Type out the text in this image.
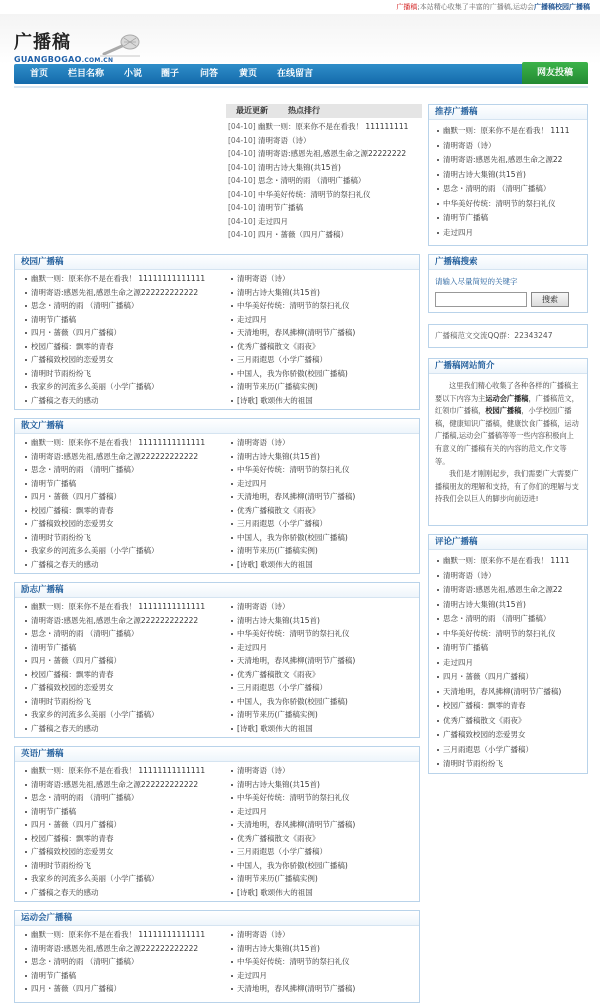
广播稿;本站精心收集了丰富的广播稿,运动会广播稿校园广播稿
广播稿
GUANGBOGAO.COM.CN
首页 栏目名称 小说 圈子 问答 黄页 在线留言	网友投稿
最近更新	热点排行
[04-10] 幽默一则：原来你不是在看我！ 111111111
[04-10] 清明寄语（诗）
[04-10] 清明寄语:感恩先祖,感恩生命之源22222222
[04-10] 清明古诗大集锦(共15首)
[04-10] 思念・清明的雨 （清明广播稿）
[04-10] 中华美好传统：清明节的祭扫礼仪
[04-10] 清明节广播稿
[04-10] 走过四月
[04-10] 四月・蔷薇（四月广播稿）
校园广播稿
幽默一则：原来你不是在看我！ 11111111111111	清明寄语（诗）
清明寄语:感恩先祖,感恩生命之源222222222222	清明古诗大集锦(共15首)
思念・清明的雨 （清明广播稿）	中华美好传统：清明节的祭扫礼仪
清明节广播稿	走过四月
四月・蔷薇（四月广播稿）	天清地明，春风拂柳(清明节广播稿)
校园广播稿：飘零的青春	优秀广播稿散文《雨夜》
广播稿致校园的恋爱男女	三月雨遐思（小学广播稿）
清明时节雨纷纷飞	中国人，我为你骄傲(校园广播稿)
我家乡的河流多么美丽（小学广播稿）	清明节来历(广播稿实例)
广播稿之春天的感动	[诗歌] 歌颂伟大的祖国
散文广播稿
幽默一则：原来你不是在看我！ 11111111111111	清明寄语（诗）
清明寄语:感恩先祖,感恩生命之源222222222222	清明古诗大集锦(共15首)
思念・清明的雨 （清明广播稿）	中华美好传统：清明节的祭扫礼仪
清明节广播稿	走过四月
四月・蔷薇（四月广播稿）	天清地明，春风拂柳(清明节广播稿)
校园广播稿：飘零的青春	优秀广播稿散文《雨夜》
广播稿致校园的恋爱男女	三月雨遐思（小学广播稿）
清明时节雨纷纷飞	中国人，我为你骄傲(校园广播稿)
我家乡的河流多么美丽（小学广播稿）	清明节来历(广播稿实例)
广播稿之春天的感动	[诗歌] 歌颂伟大的祖国
励志广播稿
幽默一则：原来你不是在看我！ 11111111111111	清明寄语（诗）
清明寄语:感恩先祖,感恩生命之源222222222222	清明古诗大集锦(共15首)
思念・清明的雨 （清明广播稿）	中华美好传统：清明节的祭扫礼仪
清明节广播稿	走过四月
四月・蔷薇（四月广播稿）	天清地明，春风拂柳(清明节广播稿)
校园广播稿：飘零的青春	优秀广播稿散文《雨夜》
广播稿致校园的恋爱男女	三月雨遐思（小学广播稿）
清明时节雨纷纷飞	中国人，我为你骄傲(校园广播稿)
我家乡的河流多么美丽（小学广播稿）	清明节来历(广播稿实例)
广播稿之春天的感动	[诗歌] 歌颂伟大的祖国
英语广播稿
幽默一则：原来你不是在看我！ 11111111111111	清明寄语（诗）
清明寄语:感恩先祖,感恩生命之源222222222222	清明古诗大集锦(共15首)
思念・清明的雨 （清明广播稿）	中华美好传统：清明节的祭扫礼仪
清明节广播稿	走过四月
四月・蔷薇（四月广播稿）	天清地明，春风拂柳(清明节广播稿)
校园广播稿：飘零的青春	优秀广播稿散文《雨夜》
广播稿致校园的恋爱男女	三月雨遐思（小学广播稿）
清明时节雨纷纷飞	中国人，我为你骄傲(校园广播稿)
我家乡的河流多么美丽（小学广播稿）	清明节来历(广播稿实例)
广播稿之春天的感动	[诗歌] 歌颂伟大的祖国
运动会广播稿
幽默一则：原来你不是在看我！ 11111111111111	清明寄语（诗）
清明寄语:感恩先祖,感恩生命之源222222222222	清明古诗大集锦(共15首)
思念・清明的雨 （清明广播稿）	中华美好传统：清明节的祭扫礼仪
清明节广播稿	走过四月
四月・蔷薇（四月广播稿）	天清地明，春风拂柳(清明节广播稿)
推荐广播稿
幽默一则：原来你不是在看我！ 1111
清明寄语（诗）
清明寄语:感恩先祖,感恩生命之源22
清明古诗大集锦(共15首)
思念・清明的雨 （清明广播稿）
中华美好传统：清明节的祭扫礼仪
清明节广播稿
走过四月
广播稿搜索
请输入尽量简短的关键字
搜索
广播稿范文交流QQ群：22343247
广播稿网站简介

这里我们精心收集了各种各样的广播稿主要以下内容为主运动会广播稿，广播稿范文，红领巾广播稿，校园广播稿，小学校园广播稿，健康知识广播稿，健康饮食广播稿，运动广播稿,运动会广播稿等等一些内容积极向上有意义的广播稿有关的内容的范文,作文等等。

我们是才刚刚起步，我们需要广大需要广播稿朋友的理解和支持，有了你们的理解与支持我们会以巨人的脚步向前迈进!

评论广播稿
幽默一则：原来你不是在看我！ 1111
清明寄语（诗）
清明寄语:感恩先祖,感恩生命之源22
清明古诗大集锦(共15首)
思念・清明的雨 （清明广播稿）
中华美好传统：清明节的祭扫礼仪
清明节广播稿
走过四月
四月・蔷薇（四月广播稿）
天清地明，春风拂柳(清明节广播稿)
校园广播稿：飘零的青春
优秀广播稿散文《雨夜》
广播稿致校园的恋爱男女
三月雨遐思（小学广播稿）
清明时节雨纷纷飞
